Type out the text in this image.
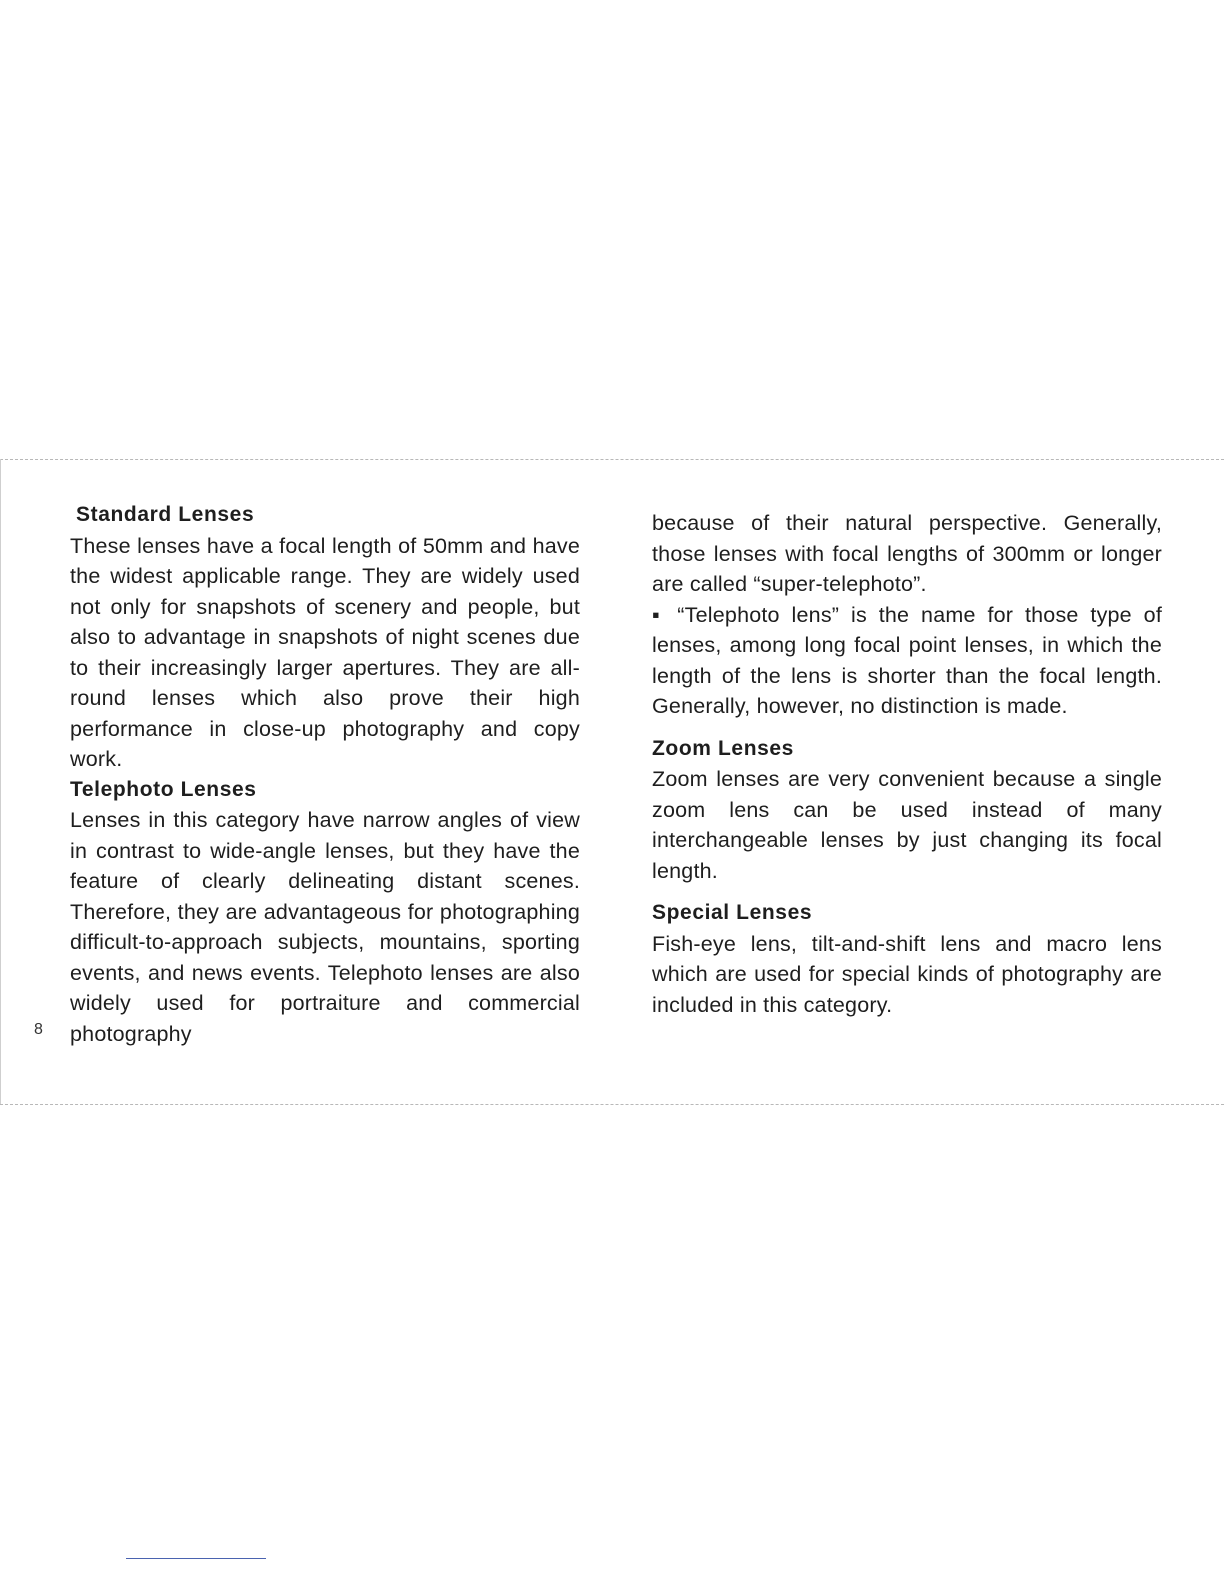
Standard Lenses

These lenses have a focal length of 50mm and have the widest applicable range. They are widely used not only for snapshots of scenery and people, but also to advantage in snapshots of night scenes due to their increasingly larger apertures. They are all-round lenses which also prove their high performance in close-up photography and copy work.

Telephoto Lenses

Lenses in this category have narrow angles of view in contrast to wide-angle lenses, but they have the feature of clearly delineating distant scenes. Therefore, they are advantageous for photographing difficult-to-approach subjects, mountains, sporting events, and news events. Telephoto lenses are also widely used for portraiture and commercial photography

8

because of their natural perspective. Generally, those lenses with focal lengths of 300mm or longer are called “super-telephoto”.

▪ “Telephoto lens” is the name for those type of lenses, among long focal point lenses, in which the length of the lens is shorter than the focal length. Generally, however, no distinction is made.

Zoom Lenses

Zoom lenses are very convenient because a single zoom lens can be used instead of many interchangeable lenses by just changing its focal length.

Special Lenses

Fish-eye lens, tilt-and-shift lens and macro lens which are used for special kinds of photography are included in this category.
